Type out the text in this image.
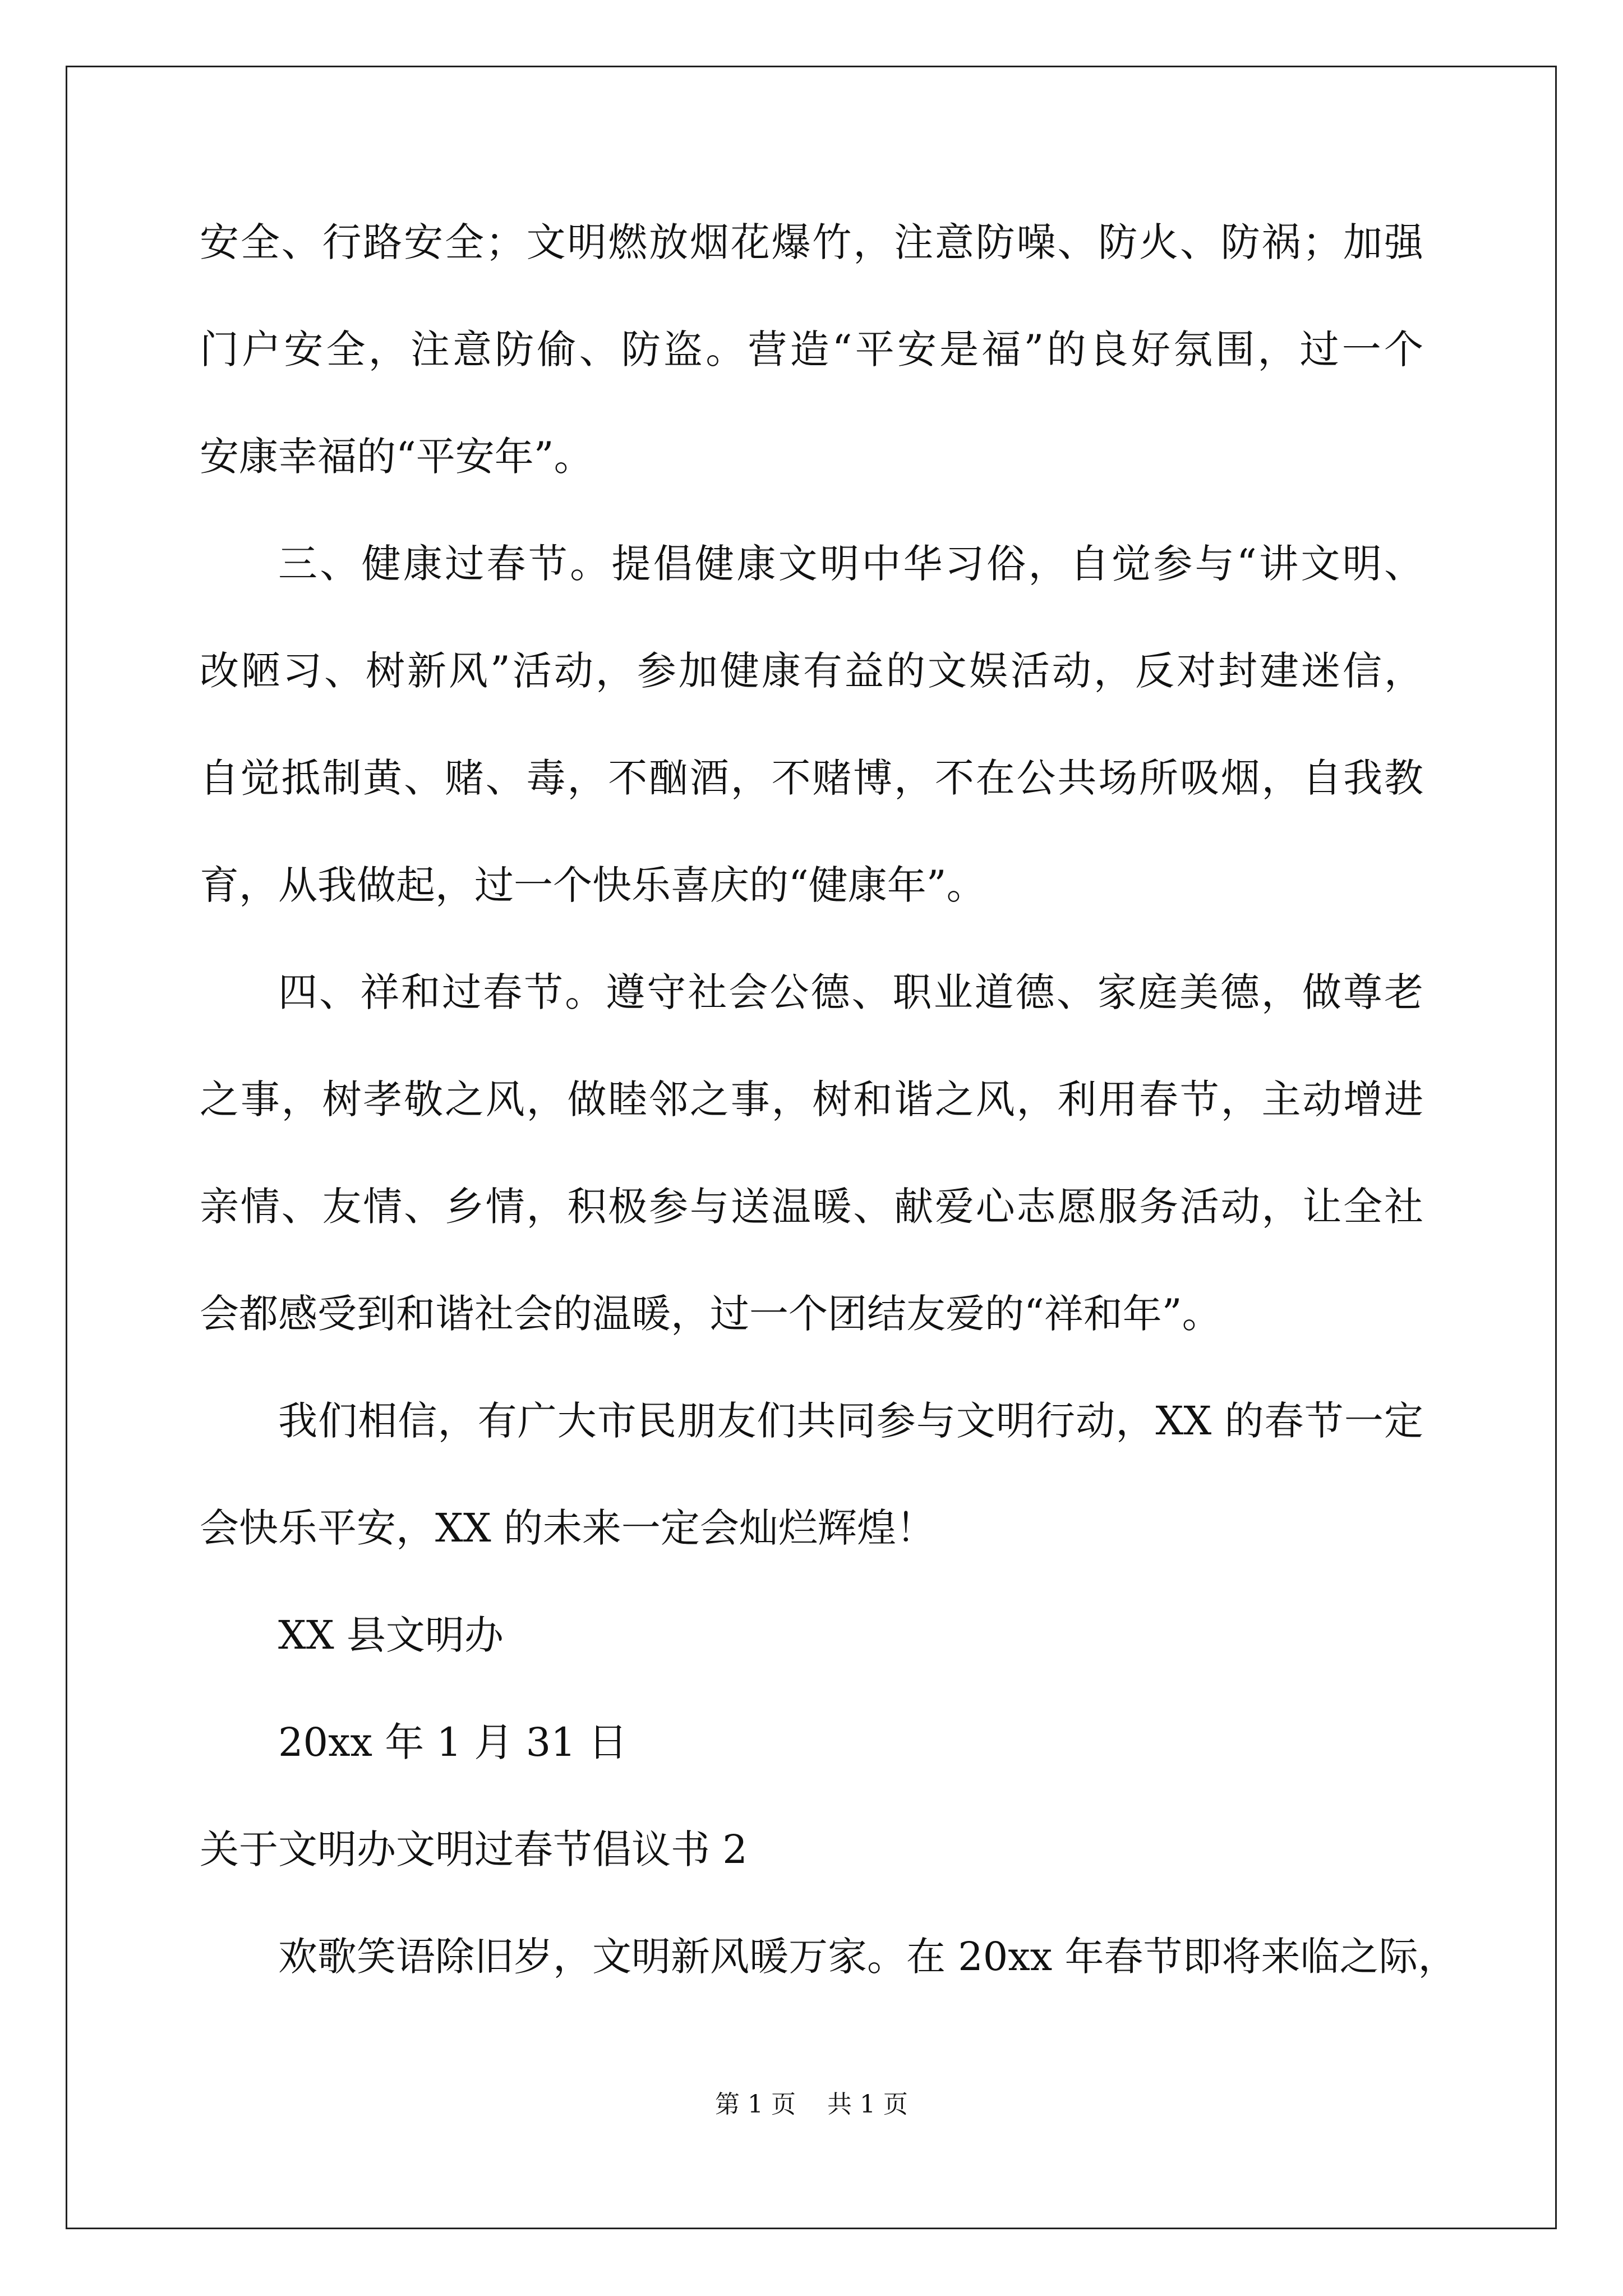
安全、行路安全；文明燃放烟花爆竹，注意防噪、防火、防祸；加强
门户安全，注意防偷、防盗。营造“平安是福”的良好氛围，过一个
安康幸福的“平安年”。
三、健康过春节。提倡健康文明中华习俗，自觉参与“讲文明、
改陋习、树新风”活动，参加健康有益的文娱活动，反对封建迷信，
自觉抵制黄、赌、毒，不酗酒，不赌博，不在公共场所吸烟，自我教
育，从我做起，过一个快乐喜庆的“健康年”。
四、祥和过春节。遵守社会公德、职业道德、家庭美德，做尊老
之事，树孝敬之风，做睦邻之事，树和谐之风，利用春节，主动增进
亲情、友情、乡情，积极参与送温暖、献爱心志愿服务活动，让全社
会都感受到和谐社会的温暖，过一个团结友爱的“祥和年”。
我们相信，有广大市民朋友们共同参与文明行动，XX 的春节一定
会快乐平安，XX 的未来一定会灿烂辉煌！
XX 县文明办
20xx 年 1 月 31 日
关于文明办文明过春节倡议书 2
欢歌笑语除旧岁，文明新风暖万家。在 20xx 年春节即将来临之际，
第 1 页 共 1 页
